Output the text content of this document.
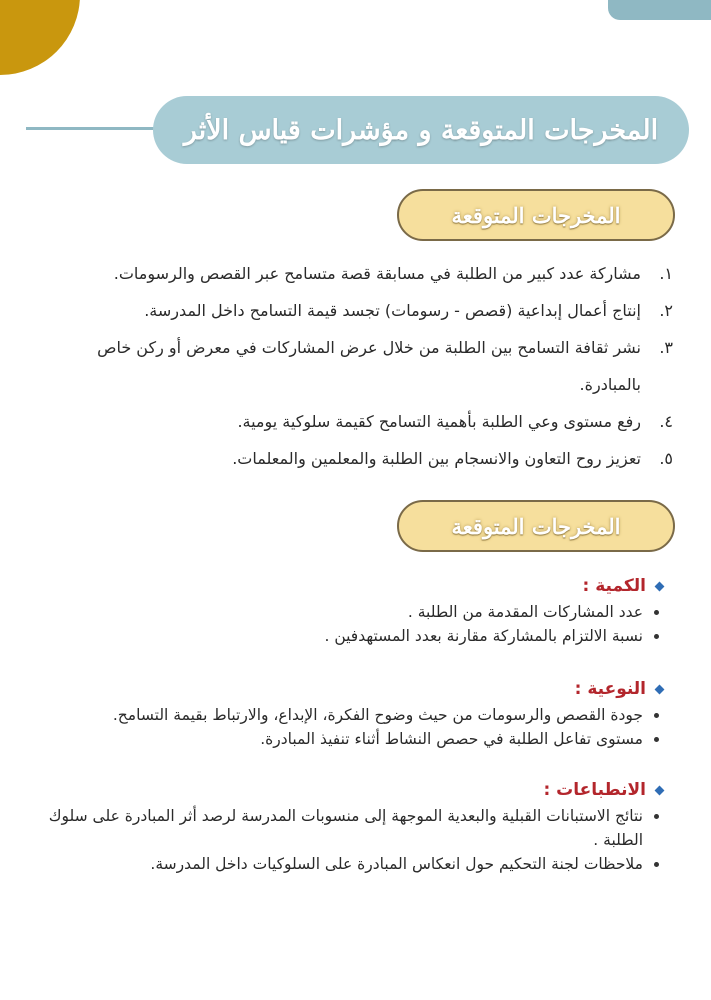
المخرجات المتوقعة و مؤشرات قياس الأثر
المخرجات المتوقعة
١.
مشاركة عدد كبير من الطلبة في مسابقة قصة متسامح عبر القصص والرسومات.
٢.
إنتاج أعمال إبداعية (قصص - رسومات) تجسد قيمة التسامح داخل المدرسة.
٣.
نشر ثقافة التسامح بين الطلبة من خلال عرض المشاركات في معرض أو ركن خاص بالمبادرة.
٤.
رفع مستوى وعي الطلبة بأهمية التسامح كقيمة سلوكية يومية.
٥.
تعزيز روح التعاون والانسجام بين الطلبة والمعلمين والمعلمات.
المخرجات المتوقعة
الكمية :
عدد المشاركات المقدمة من الطلبة .
نسبة الالتزام بالمشاركة مقارنة بعدد المستهدفين .
النوعية :
جودة القصص والرسومات من حيث وضوح الفكرة، الإبداع، والارتباط بقيمة التسامح.
مستوى تفاعل الطلبة في حصص النشاط أثناء تنفيذ المبادرة.
الانطباعات :
نتائج الاستبانات القبلية والبعدية الموجهة إلى منسوبات المدرسة لرصد أثر المبادرة على سلوك الطلبة .
ملاحظات لجنة التحكيم حول انعكاس المبادرة على السلوكيات داخل المدرسة.
